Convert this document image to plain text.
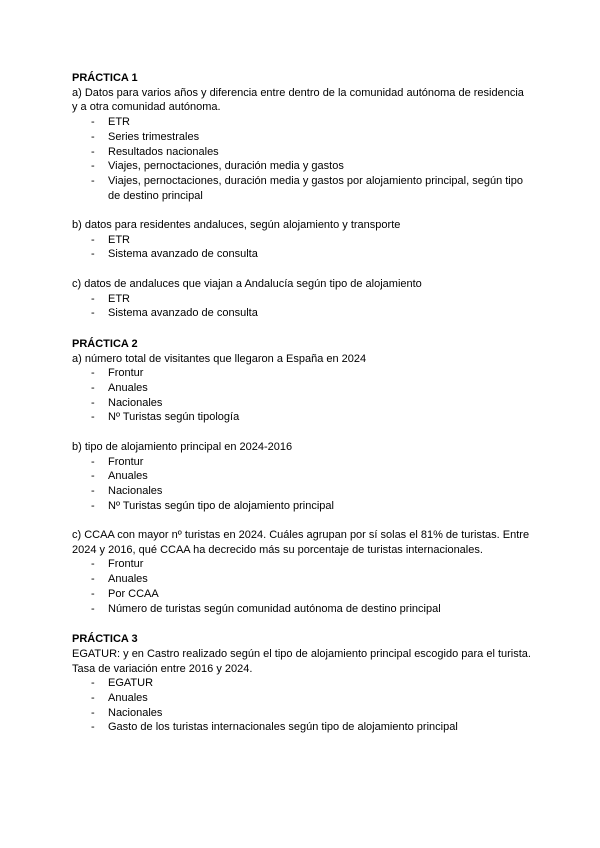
PRÁCTICA 1

a) Datos para varios años y diferencia entre dentro de la comunidad autónoma de residencia y a otra comunidad autónoma.

- ETR
- Series trimestrales
- Resultados nacionales
- Viajes, pernoctaciones, duración media y gastos
- Viajes, pernoctaciones, duración media y gastos por alojamiento principal, según tipo de destino principal

b) datos para residentes andaluces, según alojamiento y transporte

- ETR
- Sistema avanzado de consulta

c) datos de andaluces que viajan a Andalucía según tipo de alojamiento

- ETR
- Sistema avanzado de consulta

PRÁCTICA 2

a) número total de visitantes que llegaron a España en 2024

- Frontur
- Anuales
- Nacionales
- Nº Turistas según tipología

b) tipo de alojamiento principal en 2024-2016

- Frontur
- Anuales
- Nacionales
- Nº Turistas según tipo de alojamiento principal

c) CCAA con mayor nº turistas en 2024. Cuáles agrupan por sí solas el 81% de turistas. Entre 2024 y 2016, qué CCAA ha decrecido más su porcentaje de turistas internacionales.

- Frontur
- Anuales
- Por CCAA
- Número de turistas según comunidad autónoma de destino principal

PRÁCTICA 3

EGATUR: y en Castro realizado según el tipo de alojamiento principal escogido para el turista. Tasa de variación entre 2016 y 2024.

- EGATUR
- Anuales
- Nacionales
- Gasto de los turistas internacionales según tipo de alojamiento principal
